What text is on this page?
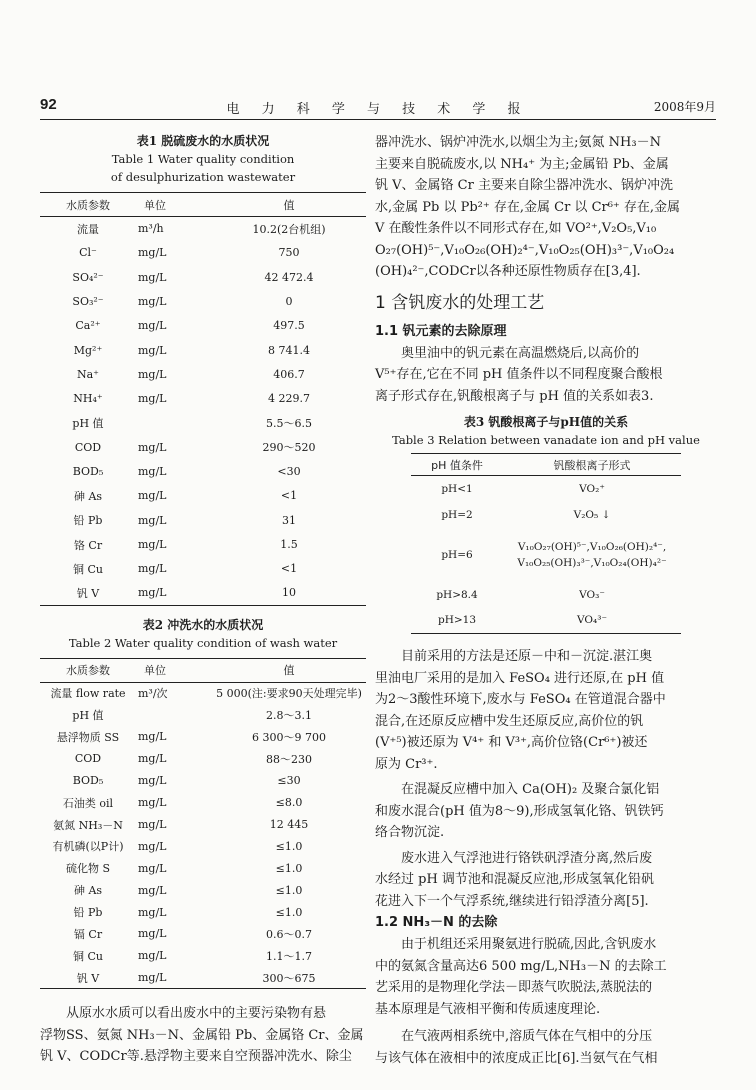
92	电 力 科 学 与 技 术 学 报	2008年9月
表1 脱硫废水的水质状况
Table 1 Water quality condition
of desulphurization wastewater
水质参数	单位	值
流量	m³/h	10.2(2台机组)
Cl⁻	mg/L	750
SO₄²⁻	mg/L	42 472.4
SO₃²⁻	mg/L	0
Ca²⁺	mg/L	497.5
Mg²⁺	mg/L	8 741.4
Na⁺	mg/L	406.7
NH₄⁺	mg/L	4 229.7
pH 值		5.5～6.5
COD	mg/L	290～520
BOD₅	mg/L	<30
砷 As	mg/L	<1
铅 Pb	mg/L	31
铬 Cr	mg/L	1.5
铜 Cu	mg/L	<1
钒 V	mg/L	10
表2 冲洗水的水质状况
Table 2 Water quality condition of wash water
水质参数	单位	值
流量 flow rate	m³/次	5 000(注:要求90天处理完毕)
pH 值		2.8～3.1
悬浮物质 SS	mg/L	6 300～9 700
COD	mg/L	88～230
BOD₅	mg/L	≤30
石油类 oil	mg/L	≤8.0
氨氮 NH₃－N	mg/L	12 445
有机磷(以P计)	mg/L	≤1.0
硫化物 S	mg/L	≤1.0
砷 As	mg/L	≤1.0
铅 Pb	mg/L	≤1.0
镉 Cr	mg/L	0.6～0.7
铜 Cu	mg/L	1.1～1.7
钒 V	mg/L	300～675
从原水水质可以看出废水中的主要污染物有悬
浮物SS、氨氮 NH₃－N、金属铅 Pb、金属铬 Cr、金属
钒 V、CODCr等.悬浮物主要来自空预器冲洗水、除尘
器冲洗水、锅炉冲洗水,以烟尘为主;氨氮 NH₃－N
主要来自脱硫废水,以 NH₄⁺ 为主;金属铅 Pb、金属
钒 V、金属铬 Cr 主要来自除尘器冲洗水、锅炉冲洗
水,金属 Pb 以 Pb²⁺ 存在,金属 Cr 以 Cr⁶⁺ 存在,金属
V 在酸性条件以不同形式存在,如 VO²⁺,V₂O₅,V₁₀
O₂₇(OH)⁵⁻,V₁₀O₂₆(OH)₂⁴⁻,V₁₀O₂₅(OH)₃³⁻,V₁₀O₂₄
(OH)₄²⁻,CODCr以各种还原性物质存在[3,4].
1 含钒废水的处理工艺
1.1 钒元素的去除原理
奥里油中的钒元素在高温燃烧后,以高价的
V⁵⁺存在,它在不同 pH 值条件以不同程度聚合酸根
离子形式存在,钒酸根离子与 pH 值的关系如表3.
表3 钒酸根离子与pH值的关系
Table 3 Relation between vanadate ion and pH value
pH 值条件	钒酸根离子形式
pH<1	VO₂⁺
pH=2	V₂O₅ ↓
pH=6	V₁₀O₂₇(OH)⁵⁻,V₁₀O₂₆(OH)₂⁴⁻,
V₁₀O₂₅(OH)₃³⁻,V₁₀O₂₄(OH)₄²⁻

pH>8.4	VO₃⁻
pH>13	VO₄³⁻
目前采用的方法是还原－中和－沉淀.湛江奥
里油电厂采用的是加入 FeSO₄ 进行还原,在 pH 值
为2～3酸性环境下,废水与 FeSO₄ 在管道混合器中
混合,在还原反应槽中发生还原反应,高价位的钒
(V⁺⁵)被还原为 V⁴⁺ 和 V³⁺,高价位铬(Cr⁶⁺)被还
原为 Cr³⁺.
在混凝反应槽中加入 Ca(OH)₂ 及聚合氯化铝
和废水混合(pH 值为8～9),形成氢氧化铬、钒铁钙
络合物沉淀.
废水进入气浮池进行铬铁矾浮渣分离,然后废
水经过 pH 调节池和混凝反应池,形成氢氧化铅矾
花进入下一个气浮系统,继续进行铅浮渣分离[5].
1.2 NH₃－N 的去除
由于机组还采用聚氨进行脱硫,因此,含钒废水
中的氨氮含量高达6 500 mg/L,NH₃－N 的去除工
艺采用的是物理化学法－即蒸气吹脱法,蒸脱法的
基本原理是气液相平衡和传质速度理论.
在气液两相系统中,溶质气体在气相中的分压
与该气体在液相中的浓度成正比[6].当氨气在气相
